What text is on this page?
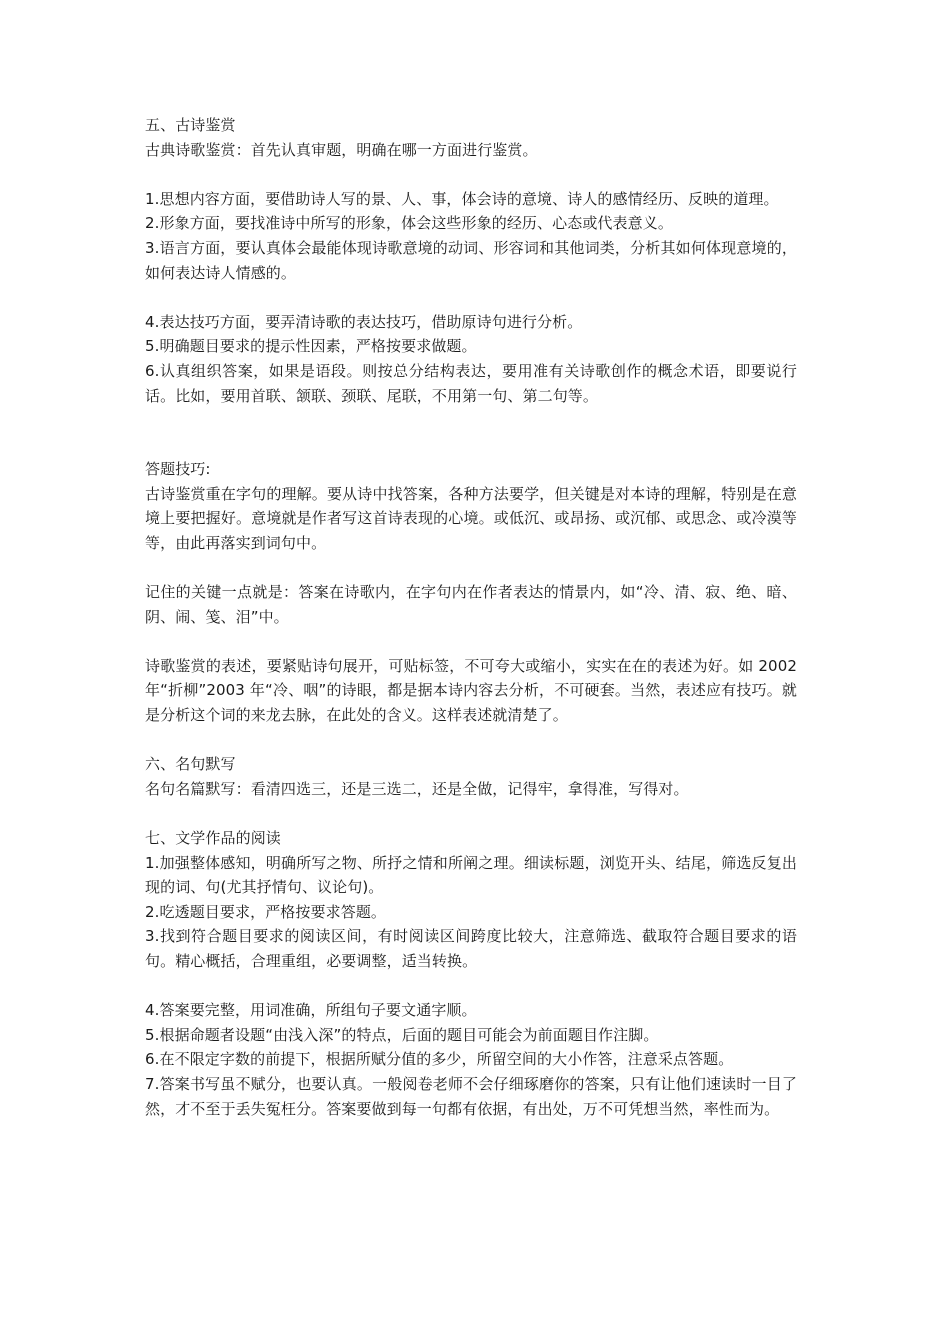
五、古诗鉴赏

古典诗歌鉴赏：首先认真审题，明确在哪一方面进行鉴赏。

1.思想内容方面，要借助诗人写的景、人、事，体会诗的意境、诗人的感情经历、反映的道理。

2.形象方面，要找准诗中所写的形象，体会这些形象的经历、心态或代表意义。

3.语言方面，要认真体会最能体现诗歌意境的动词、形容词和其他词类，分析其如何体现意境的，如何表达诗人情感的。

4.表达技巧方面，要弄清诗歌的表达技巧，借助原诗句进行分析。

5.明确题目要求的提示性因素，严格按要求做题。

6.认真组织答案，如果是语段。则按总分结构表达，要用准有关诗歌创作的概念术语，即要说行话。比如，要用首联、颔联、颈联、尾联，不用第一句、第二句等。

答题技巧:

古诗鉴赏重在字句的理解。要从诗中找答案，各种方法要学，但关键是对本诗的理解，特别是在意境上要把握好。意境就是作者写这首诗表现的心境。或低沉、或昂扬、或沉郁、或思念、或冷漠等等，由此再落实到词句中。

记住的关键一点就是：答案在诗歌内，在字句内在作者表达的情景内，如“冷、清、寂、绝、暗、阴、闹、笺、泪”中。

诗歌鉴赏的表述，要紧贴诗句展开，可贴标签，不可夸大或缩小，实实在在的表述为好。如 2002 年“折柳”2003 年“冷、咽”的诗眼，都是据本诗内容去分析，不可硬套。当然，表述应有技巧。就是分析这个词的来龙去脉，在此处的含义。这样表述就清楚了。

六、名句默写

名句名篇默写：看清四选三，还是三选二，还是全做，记得牢，拿得准，写得对。

七、文学作品的阅读

1.加强整体感知，明确所写之物、所抒之情和所阐之理。细读标题，浏览开头、结尾，筛选反复出现的词、句(尤其抒情句、议论句)。

2.吃透题目要求，严格按要求答题。

3.找到符合题目要求的阅读区间，有时阅读区间跨度比较大，注意筛选、截取符合题目要求的语句。精心概括，合理重组，必要调整，适当转换。

4.答案要完整，用词准确，所组句子要文通字顺。

5.根据命题者设题“由浅入深”的特点，后面的题目可能会为前面题目作注脚。

6.在不限定字数的前提下，根据所赋分值的多少，所留空间的大小作答，注意采点答题。

7.答案书写虽不赋分，也要认真。一般阅卷老师不会仔细琢磨你的答案，只有让他们速读时一目了然，才不至于丢失冤枉分。答案要做到每一句都有依据，有出处，万不可凭想当然，率性而为。
